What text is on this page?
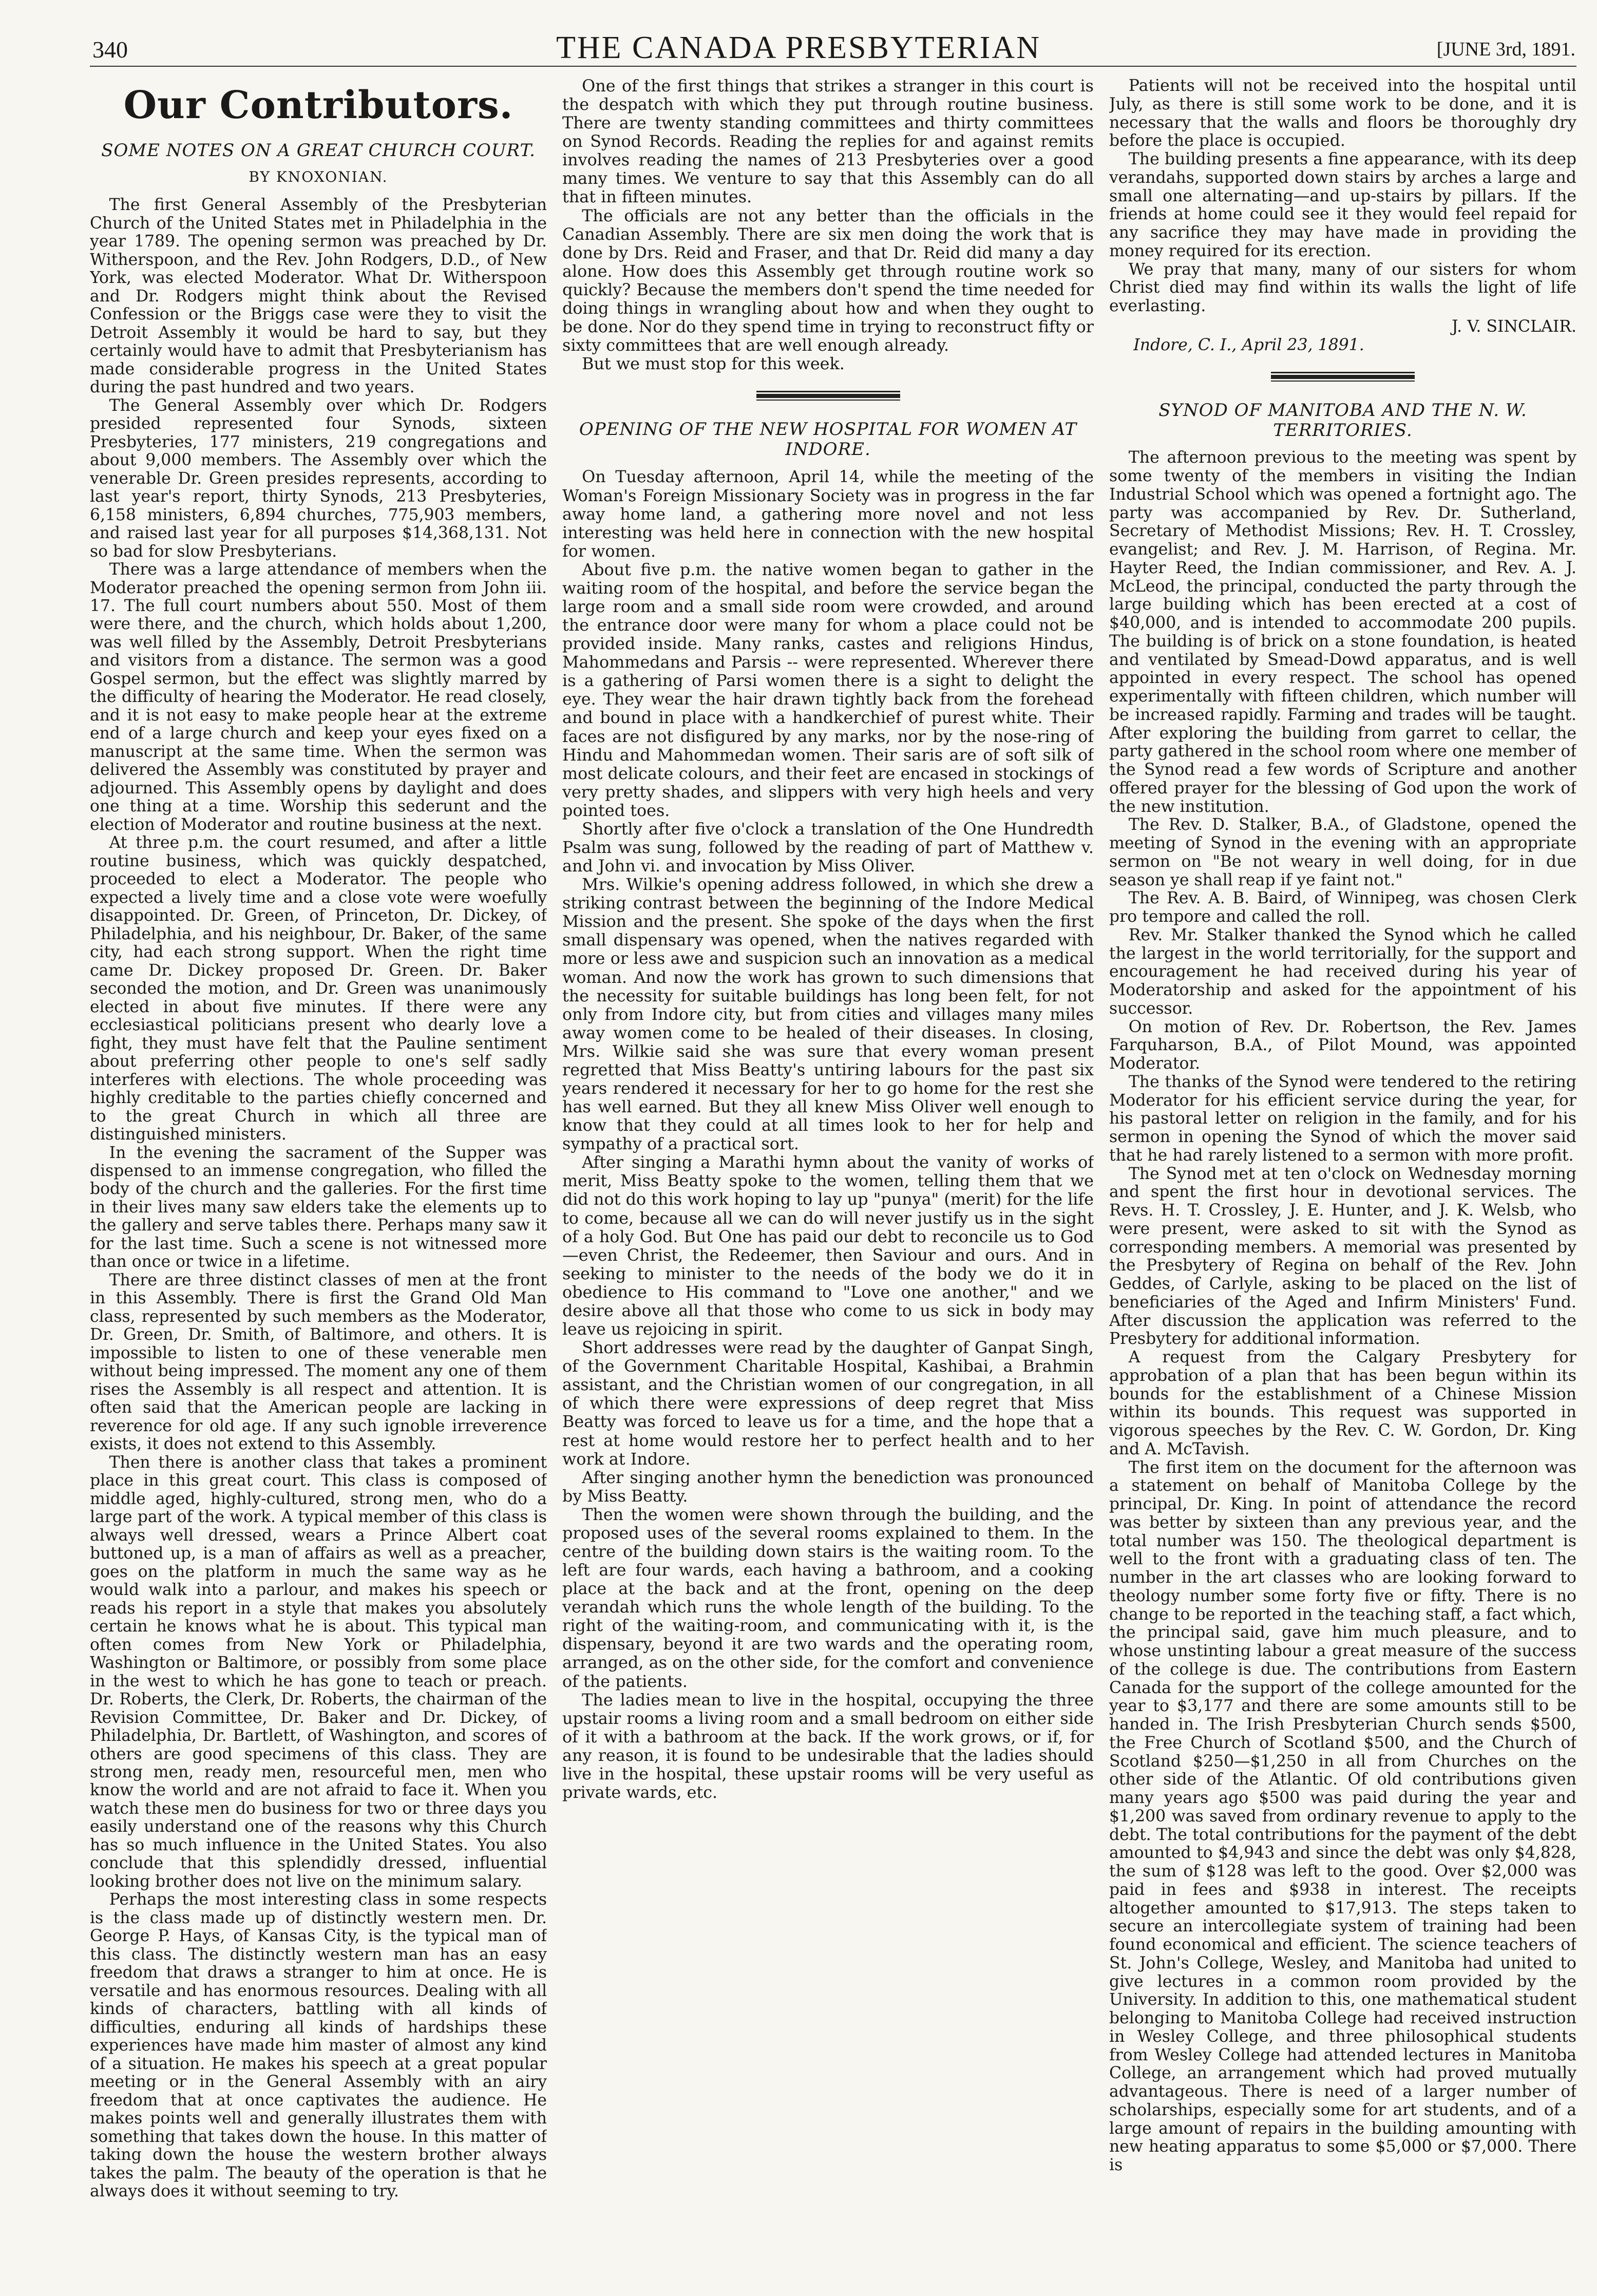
340	THE CANADA PRESBYTERIAN	[JUNE 3rd, 1891.
Our Contributors.
SOME NOTES ON A GREAT CHURCH COURT.
BY KNOXONIAN.

The first General Assembly of the Presbyterian Church of the United States met in Philadelphia in the year 1789. The opening sermon was preached by Dr. Witherspoon, and the Rev. John Rodgers, D.D., of New York, was elected Moderator. What Dr. Witherspoon and Dr. Rodgers might think about the Revised Confession or the Briggs case were they to visit the Detroit Assembly it would be hard to say, but they certainly would have to admit that Presbyterianism has made considerable progress in the United States during the past hundred and two years.

The General Assembly over which Dr. Rodgers presided represented four Synods, sixteen Presbyteries, 177 ministers, 219 congregations and about 9,000 members. The Assembly over which the venerable Dr. Green presides represents, according to last year's report, thirty Synods, 213 Presbyteries, 6,158 ministers, 6,894 churches, 775,903 members, and raised last year for all purposes $14,368,131. Not so bad for slow Presbyterians.

There was a large attendance of members when the Moderator preached the opening sermon from John iii. 17. The full court numbers about 550. Most of them were there, and the church, which holds about 1,200, was well filled by the Assembly, Detroit Presbyterians and visitors from a distance. The sermon was a good Gospel sermon, but the effect was slightly marred by the difficulty of hearing the Moderator. He read closely, and it is not easy to make people hear at the extreme end of a large church and keep your eyes fixed on a manuscript at the same time. When the sermon was delivered the Assembly was constituted by prayer and adjourned. This Assembly opens by daylight and does one thing at a time. Worship this sederunt and the election of Moderator and routine business at the next.

At three p.m. the court resumed, and after a little routine business, which was quickly despatched, proceeded to elect a Moderator. The people who expected a lively time and a close vote were woefully disappointed. Dr. Green, of Princeton, Dr. Dickey, of Philadelphia, and his neighbour, Dr. Baker, of the same city, had each strong support. When the right time came Dr. Dickey proposed Dr. Green. Dr. Baker seconded the motion, and Dr. Green was unanimously elected in about five minutes. If there were any ecclesiastical politicians present who dearly love a fight, they must have felt that the Pauline sentiment about preferring other people to one's self sadly interferes with elections. The whole proceeding was highly creditable to the parties chiefly concerned and to the great Church in which all three are distinguished ministers.

In the evening the sacrament of the Supper was dispensed to an immense congregation, who filled the body of the church and the galleries. For the first time in their lives many saw elders take the elements up to the gallery and serve tables there. Perhaps many saw it for the last time. Such a scene is not witnessed more than once or twice in a lifetime.

There are three distinct classes of men at the front in this Assembly. There is first the Grand Old Man class, represented by such members as the Moderator, Dr. Green, Dr. Smith, of Baltimore, and others. It is impossible to listen to one of these venerable men without being impressed. The moment any one of them rises the Assembly is all respect and attention. It is often said that the American people are lacking in reverence for old age. If any such ignoble irreverence exists, it does not extend to this Assembly.

Then there is another class that takes a prominent place in this great court. This class is composed of middle aged, highly-cultured, strong men, who do a large part of the work. A typical member of this class is always well dressed, wears a Prince Albert coat buttoned up, is a man of affairs as well as a preacher, goes on the platform in much the same way as he would walk into a parlour, and makes his speech or reads his report in a style that makes you absolutely certain he knows what he is about. This typical man often comes from New York or Philadelphia, Washington or Baltimore, or possibly from some place in the west to which he has gone to teach or preach. Dr. Roberts, the Clerk, Dr. Roberts, the chairman of the Revision Committee, Dr. Baker and Dr. Dickey, of Philadelphia, Dr. Bartlett, of Washington, and scores of others are good specimens of this class. They are strong men, ready men, resourceful men, men who know the world and are not afraid to face it. When you watch these men do business for two or three days you easily understand one of the reasons why this Church has so much influence in the United States. You also conclude that this splendidly dressed, influential looking brother does not live on the minimum salary.

Perhaps the most interesting class in some respects is the class made up of distinctly western men. Dr. George P. Hays, of Kansas City, is the typical man of this class. The distinctly western man has an easy freedom that draws a stranger to him at once. He is versatile and has enormous resources. Dealing with all kinds of characters, battling with all kinds of difficulties, enduring all kinds of hardships these experiences have made him master of almost any kind of a situation. He makes his speech at a great popular meeting or in the General Assembly with an airy freedom that at once captivates the audience. He makes points well and generally illustrates them with something that takes down the house. In this matter of taking down the house the western brother always takes the palm. The beauty of the operation is that he always does it without seeming to try.

One of the first things that strikes a stranger in this court is the despatch with which they put through routine business. There are twenty standing committees and thirty committees on Synod Records. Reading the replies for and against remits involves reading the names of 213 Presbyteries over a good many times. We venture to say that this Assembly can do all that in fifteen minutes.

The officials are not any better than the officials in the Canadian Assembly. There are six men doing the work that is done by Drs. Reid and Fraser, and that Dr. Reid did many a day alone. How does this Assembly get through routine work so quickly? Because the members don't spend the time needed for doing things in wrangling about how and when they ought to be done. Nor do they spend time in trying to reconstruct fifty or sixty committees that are well enough already.

But we must stop for this week.

OPENING OF THE NEW HOSPITAL FOR WOMEN AT INDORE.

On Tuesday afternoon, April 14, while the meeting of the Woman's Foreign Missionary Society was in progress in the far away home land, a gathering more novel and not less interesting was held here in connection with the new hospital for women.

About five p.m. the native women began to gather in the waiting room of the hospital, and before the service began the large room and a small side room were crowded, and around the entrance door were many for whom a place could not be provided inside. Many ranks, castes and religions Hindus, Mahommedans and Parsis -- were represented. Wherever there is a gathering of Parsi women there is a sight to delight the eye. They wear the hair drawn tightly back from the forehead and bound in place with a handkerchief of purest white. Their faces are not disfigured by any marks, nor by the nose-ring of Hindu and Mahommedan women. Their saris are of soft silk of most delicate colours, and their feet are encased in stockings of very pretty shades, and slippers with very high heels and very pointed toes.

Shortly after five o'clock a translation of the One Hundredth Psalm was sung, followed by the reading of part of Matthew v. and John vi. and invocation by Miss Oliver.

Mrs. Wilkie's opening address followed, in which she drew a striking contrast between the beginning of the Indore Medical Mission and the present. She spoke of the days when the first small dispensary was opened, when the natives regarded with more or less awe and suspicion such an innovation as a medical woman. And now the work has grown to such dimensions that the necessity for suitable buildings has long been felt, for not only from Indore city, but from cities and villages many miles away women come to be healed of their diseases. In closing, Mrs. Wilkie said she was sure that every woman present regretted that Miss Beatty's untiring labours for the past six years rendered it necessary for her to go home for the rest she has well earned. But they all knew Miss Oliver well enough to know that they could at all times look to her for help and sympathy of a practical sort.

After singing a Marathi hymn about the vanity of works of merit, Miss Beatty spoke to the women, telling them that we did not do this work hoping to lay up "punya" (merit) for the life to come, because all we can do will never justify us in the sight of a holy God. But One has paid our debt to reconcile us to God—even Christ, the Redeemer, then Saviour and ours. And in seeking to minister to the needs of the body we do it in obedience to His command to "Love one another," and we desire above all that those who come to us sick in body may leave us rejoicing in spirit.

Short addresses were read by the daughter of Ganpat Singh, of the Government Charitable Hospital, Kashibai, a Brahmin assistant, and the Christian women of our congregation, in all of which there were expressions of deep regret that Miss Beatty was forced to leave us for a time, and the hope that a rest at home would restore her to perfect health and to her work at Indore.

After singing another hymn the benediction was pronounced by Miss Beatty.

Then the women were shown through the building, and the proposed uses of the several rooms explained to them. In the centre of the building down stairs is the waiting room. To the left are four wards, each having a bathroom, and a cooking place at the back and at the front, opening on the deep verandah which runs the whole length of the building. To the right of the waiting-room, and communicating with it, is the dispensary, beyond it are two wards and the operating room, arranged, as on the other side, for the comfort and convenience of the patients.

The ladies mean to live in the hospital, occupying the three upstair rooms a living room and a small bedroom on either side of it with a bathroom at the back. If the work grows, or if, for any reason, it is found to be undesirable that the ladies should live in the hospital, these upstair rooms will be very useful as private wards, etc.

Patients will not be received into the hospital until July, as there is still some work to be done, and it is necessary that the walls and floors be thoroughly dry before the place is occupied.

The building presents a fine appearance, with its deep verandahs, supported down stairs by arches a large and small one alternating—and up-stairs by pillars. If the friends at home could see it they would feel repaid for any sacrifice they may have made in providing the money required for its erection.

We pray that many, many of our sisters for whom Christ died may find within its walls the light of life everlasting.

J. V. SINCLAIR.

Indore, C. I., April 23, 1891.

SYNOD OF MANITOBA AND THE N. W. TERRITORIES.

The afternoon previous to the meeting was spent by some twenty of the members in visiting the Indian Industrial School which was opened a fortnight ago. The party was accompanied by Rev. Dr. Sutherland, Secretary of Methodist Missions; Rev. H. T. Crossley, evangelist; and Rev. J. M. Harrison, of Regina. Mr. Hayter Reed, the Indian commissioner, and Rev. A. J. McLeod, the principal, conducted the party through the large building which has been erected at a cost of $40,000, and is intended to accommodate 200 pupils. The building is of brick on a stone foundation, is heated and ventilated by Smead-Dowd apparatus, and is well appointed in every respect. The school has opened experimentally with fifteen children, which number will be increased rapidly. Farming and trades will be taught. After exploring the building from garret to cellar, the party gathered in the school room where one member of the Synod read a few words of Scripture and another offered prayer for the blessing of God upon the work of the new institution.

The Rev. D. Stalker, B.A., of Gladstone, opened the meeting of Synod in the evening with an appropriate sermon on "Be not weary in well doing, for in due season ye shall reap if ye faint not."

The Rev. A. B. Baird, of Winnipeg, was chosen Clerk pro tempore and called the roll.

Rev. Mr. Stalker thanked the Synod which he called the largest in the world territorially, for the support and encouragement he had received during his year of Moderatorship and asked for the appointment of his successor.

On motion of Rev. Dr. Robertson, the Rev. James Farquharson, B.A., of Pilot Mound, was appointed Moderator.

The thanks of the Synod were tendered to the retiring Moderator for his efficient service during the year, for his pastoral letter on religion in the family, and for his sermon in opening the Synod of which the mover said that he had rarely listened to a sermon with more profit.

The Synod met at ten o'clock on Wednesday morning and spent the first hour in devotional services. The Revs. H. T. Crossley, J. E. Hunter, and J. K. Welsb, who were present, were asked to sit with the Synod as corresponding members. A memorial was presented by the Presbytery of Regina on behalf of the Rev. John Geddes, of Carlyle, asking to be placed on the list of beneficiaries of the Aged and Infirm Ministers' Fund. After discussion the application was referred to the Presbytery for additional information.

A request from the Calgary Presbytery for approbation of a plan that has been begun within its bounds for the establishment of a Chinese Mission within its bounds. This request was supported in vigorous speeches by the Rev. C. W. Gordon, Dr. King and A. McTavish.

The first item on the document for the afternoon was a statement on behalf of Manitoba College by the principal, Dr. King. In point of attendance the record was better by sixteen than any previous year, and the total number was 150. The theological department is well to the front with a graduating class of ten. The number in the art classes who are looking forward to theology number some forty five or fifty. There is no change to be reported in the teaching staff, a fact which, the principal said, gave him much pleasure, and to whose unstinting labour a great measure of the success of the college is due. The contributions from Eastern Canada for the support of the college amounted for the year to $3,177 and there are some amounts still to be handed in. The Irish Presbyterian Church sends $500, the Free Church of Scotland $500, and the Church of Scotland $250—$1,250 in all from Churches on the other side of the Atlantic. Of old contributions given many years ago $500 was paid during the year and $1,200 was saved from ordinary revenue to apply to the debt. The total contributions for the payment of the debt amounted to $4,943 and since the debt was only $4,828, the sum of $128 was left to the good. Over $2,000 was paid in fees and $938 in interest. The receipts altogether amounted to $17,913. The steps taken to secure an intercollegiate system of training had been found economical and efficient. The science teachers of St. John's College, Wesley, and Manitoba had united to give lectures in a common room provided by the University. In addition to this, one mathematical student belonging to Manitoba College had received instruction in Wesley College, and three philosophical students from Wesley College had attended lectures in Manitoba College, an arrangement which had proved mutually advantageous. There is need of a larger number of scholarships, especially some for art students, and of a large amount of repairs in the building amounting with new heating apparatus to some $5,000 or $7,000. There is
